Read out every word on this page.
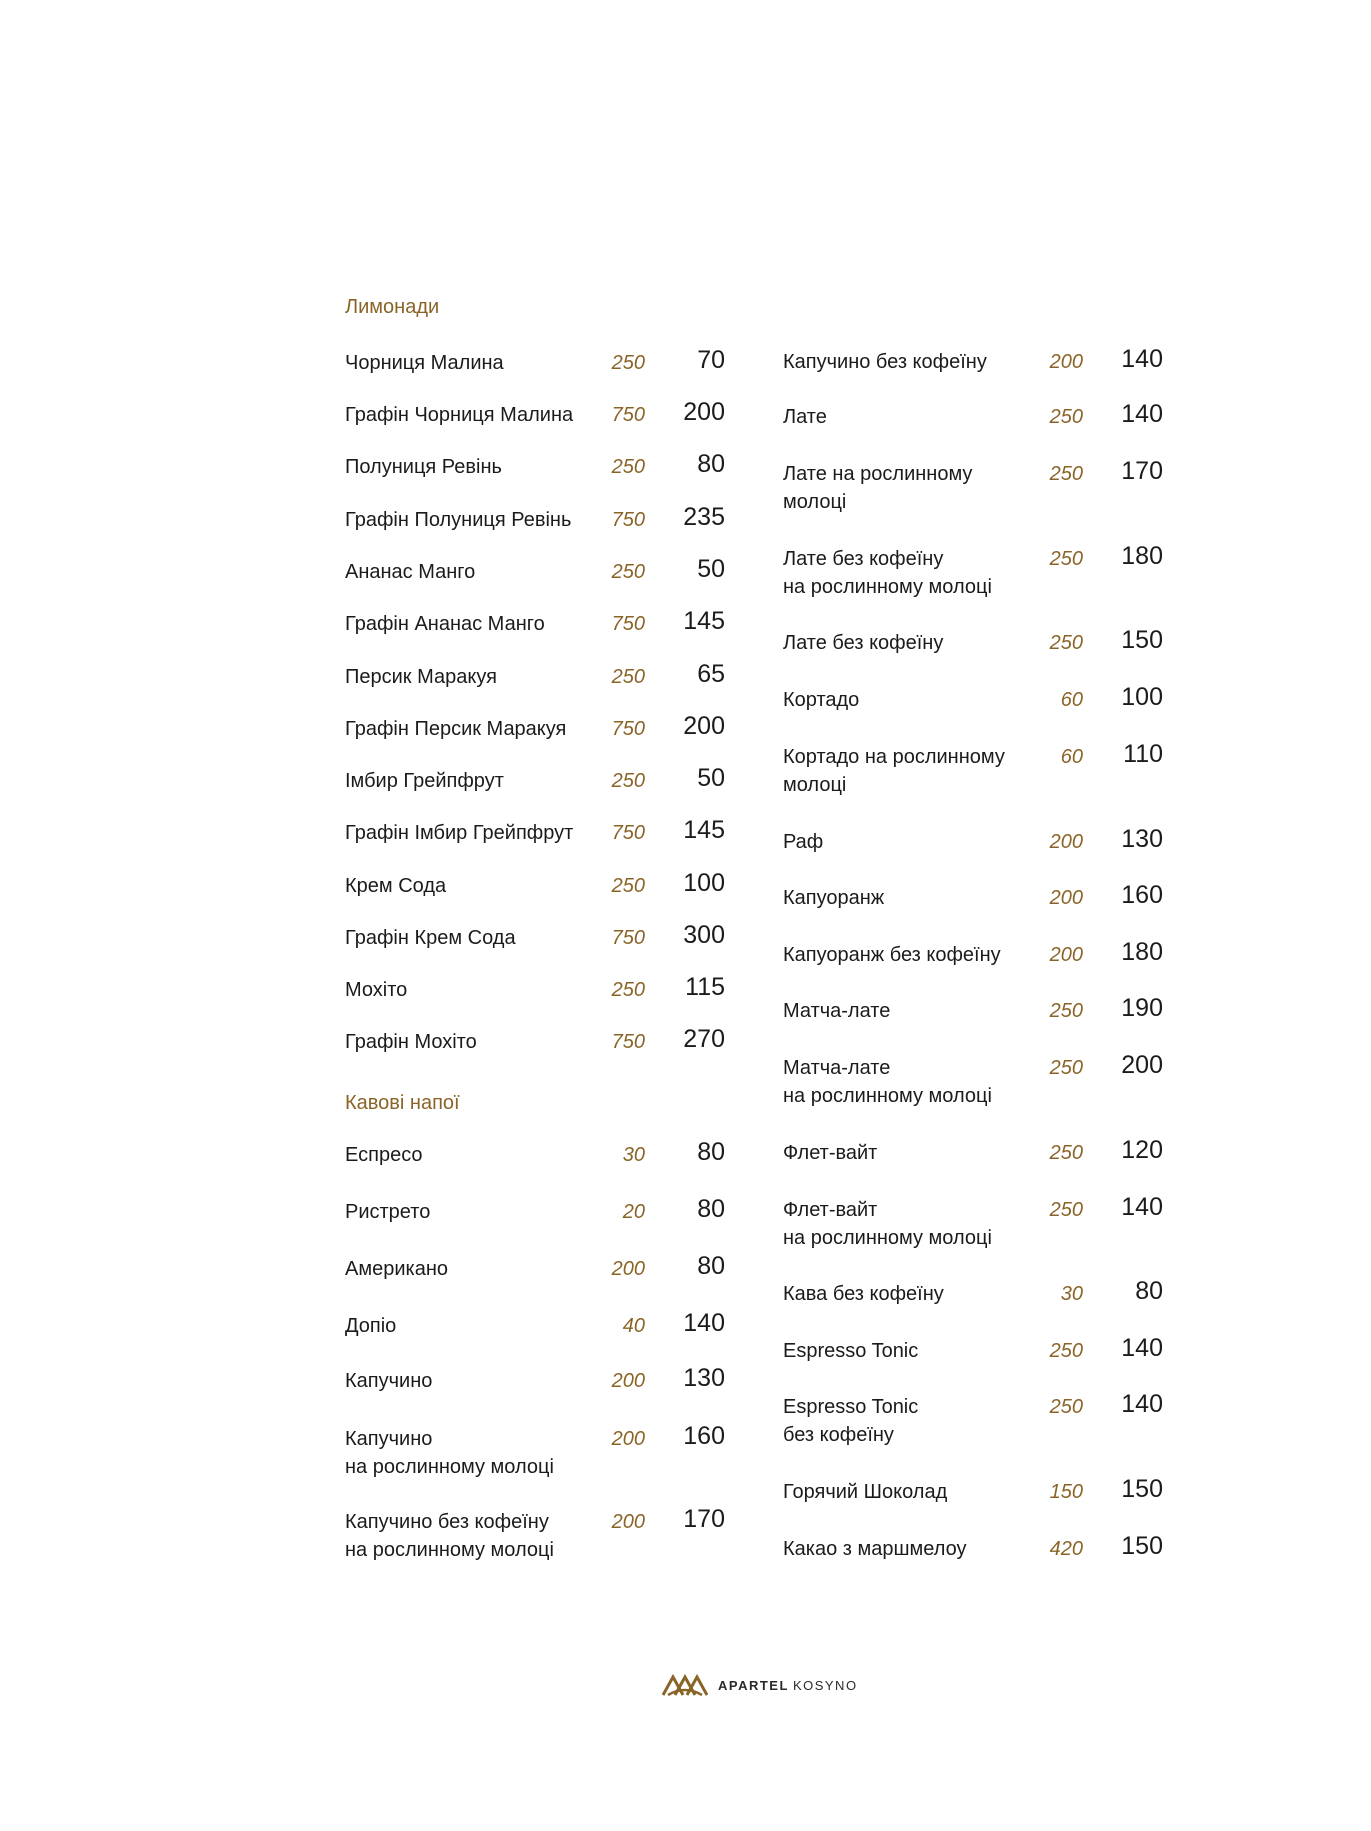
Лимонади
Чорниця Малина	250 70
Графін Чорниця Малина	750 200
Полуниця Ревінь	250 80
Графін Полуниця Ревінь	750 235
Ананас Манго	250 50
Графін Ананас Манго	750 145
Персик Маракуя	250 65
Графін Персик Маракуя	750 200
Імбир Грейпфрут	250 50
Графін Імбир Грейпфрут	750 145
Крем Сода	250 100
Графін Крем Сода	750 300
Мохіто	250 115
Графін Мохіто	750 270
Кавові напої
Еспресо	30 80
Ристрето	20 80
Американо	200 80
Допіо	40 140
Капучино	200 130
Капучино
на рослинному молоці
200 160
Капучино без кофеїну
на рослинному молоці
200 170
Капучино без кофеїну	200 140
Лате	250 140
Лате на рослинному
молоці
250 170
Лате без кофеїну
на рослинному молоці
250 180
Лате без кофеїну	250 150
Кортадо	60 100
Кортадо на рослинному
молоці
60 110
Раф	200 130
Капуоранж	200 160
Капуоранж без кофеїну	200 180
Матча-лате	250 190
Матча-лате
на рослинному молоці
250 200
Флет-вайт	250 120
Флет-вайт
на рослинному молоці
250 140
Кава без кофеїну	30 80
Espresso Tonic	250 140
Espresso Tonic
без кофеїну
250 140
Горячий Шоколад	150 150
Какао з маршмелоу	420 150
APARTEL KOSYNO
